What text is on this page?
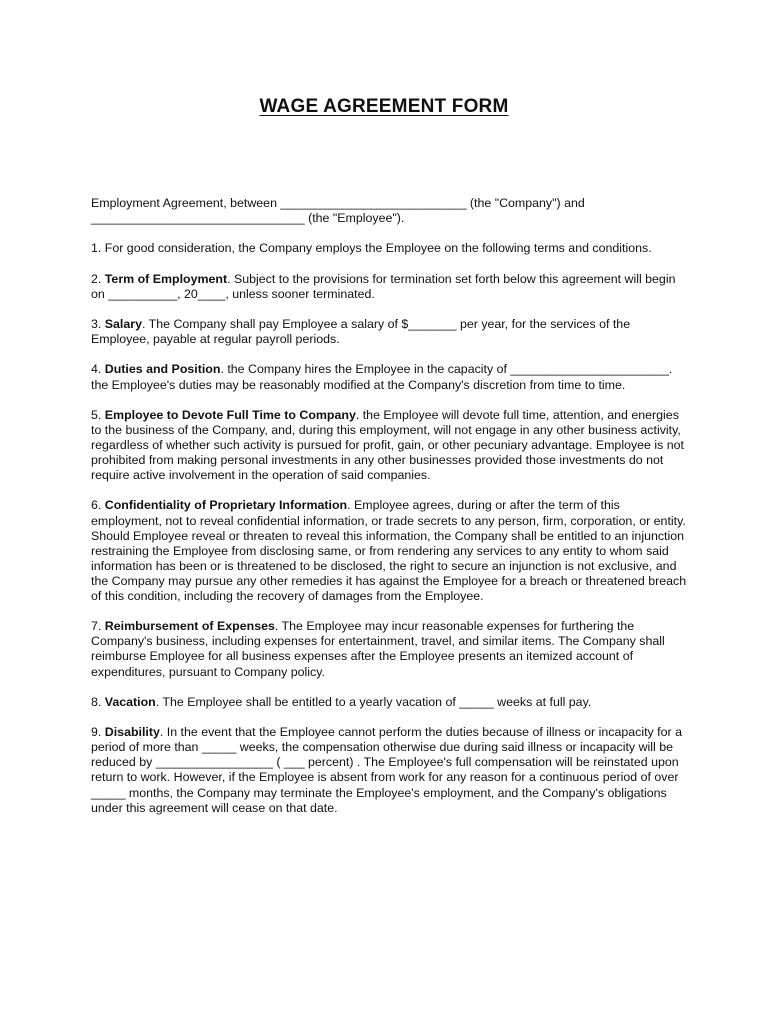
WAGE AGREEMENT FORM

Employment Agreement, between ___________________________ (the "Company") and _______________________________ (the "Employee").

1. For good consideration, the Company employs the Employee on the following terms and conditions.

2. Term of Employment. Subject to the provisions for termination set forth below this agreement will begin on __________, 20____, unless sooner terminated.

3. Salary. The Company shall pay Employee a salary of $_______ per year, for the services of the Employee, payable at regular payroll periods.

4. Duties and Position. the Company hires the Employee in the capacity of _______________________. the Employee's duties may be reasonably modified at the Company's discretion from time to time.

5. Employee to Devote Full Time to Company. the Employee will devote full time, attention, and energies to the business of the Company, and, during this employment, will not engage in any other business activity, regardless of whether such activity is pursued for profit, gain, or other pecuniary advantage. Employee is not prohibited from making personal investments in any other businesses provided those investments do not require active involvement in the operation of said companies.

6. Confidentiality of Proprietary Information. Employee agrees, during or after the term of this employment, not to reveal confidential information, or trade secrets to any person, firm, corporation, or entity. Should Employee reveal or threaten to reveal this information, the Company shall be entitled to an injunction restraining the Employee from disclosing same, or from rendering any services to any entity to whom said information has been or is threatened to be disclosed, the right to secure an injunction is not exclusive, and the Company may pursue any other remedies it has against the Employee for a breach or threatened breach of this condition, including the recovery of damages from the Employee.

7. Reimbursement of Expenses. The Employee may incur reasonable expenses for furthering the Company's business, including expenses for entertainment, travel, and similar items. The Company shall reimburse Employee for all business expenses after the Employee presents an itemized account of expenditures, pursuant to Company policy.

8. Vacation. The Employee shall be entitled to a yearly vacation of _____ weeks at full pay.

9. Disability. In the event that the Employee cannot perform the duties because of illness or incapacity for a period of more than _____ weeks, the compensation otherwise due during said illness or incapacity will be reduced by _________________ ( ___ percent) . The Employee's full compensation will be reinstated upon return to work. However, if the Employee is absent from work for any reason for a continuous period of over _____ months, the Company may terminate the Employee's employment, and the Company's obligations under this agreement will cease on that date.
